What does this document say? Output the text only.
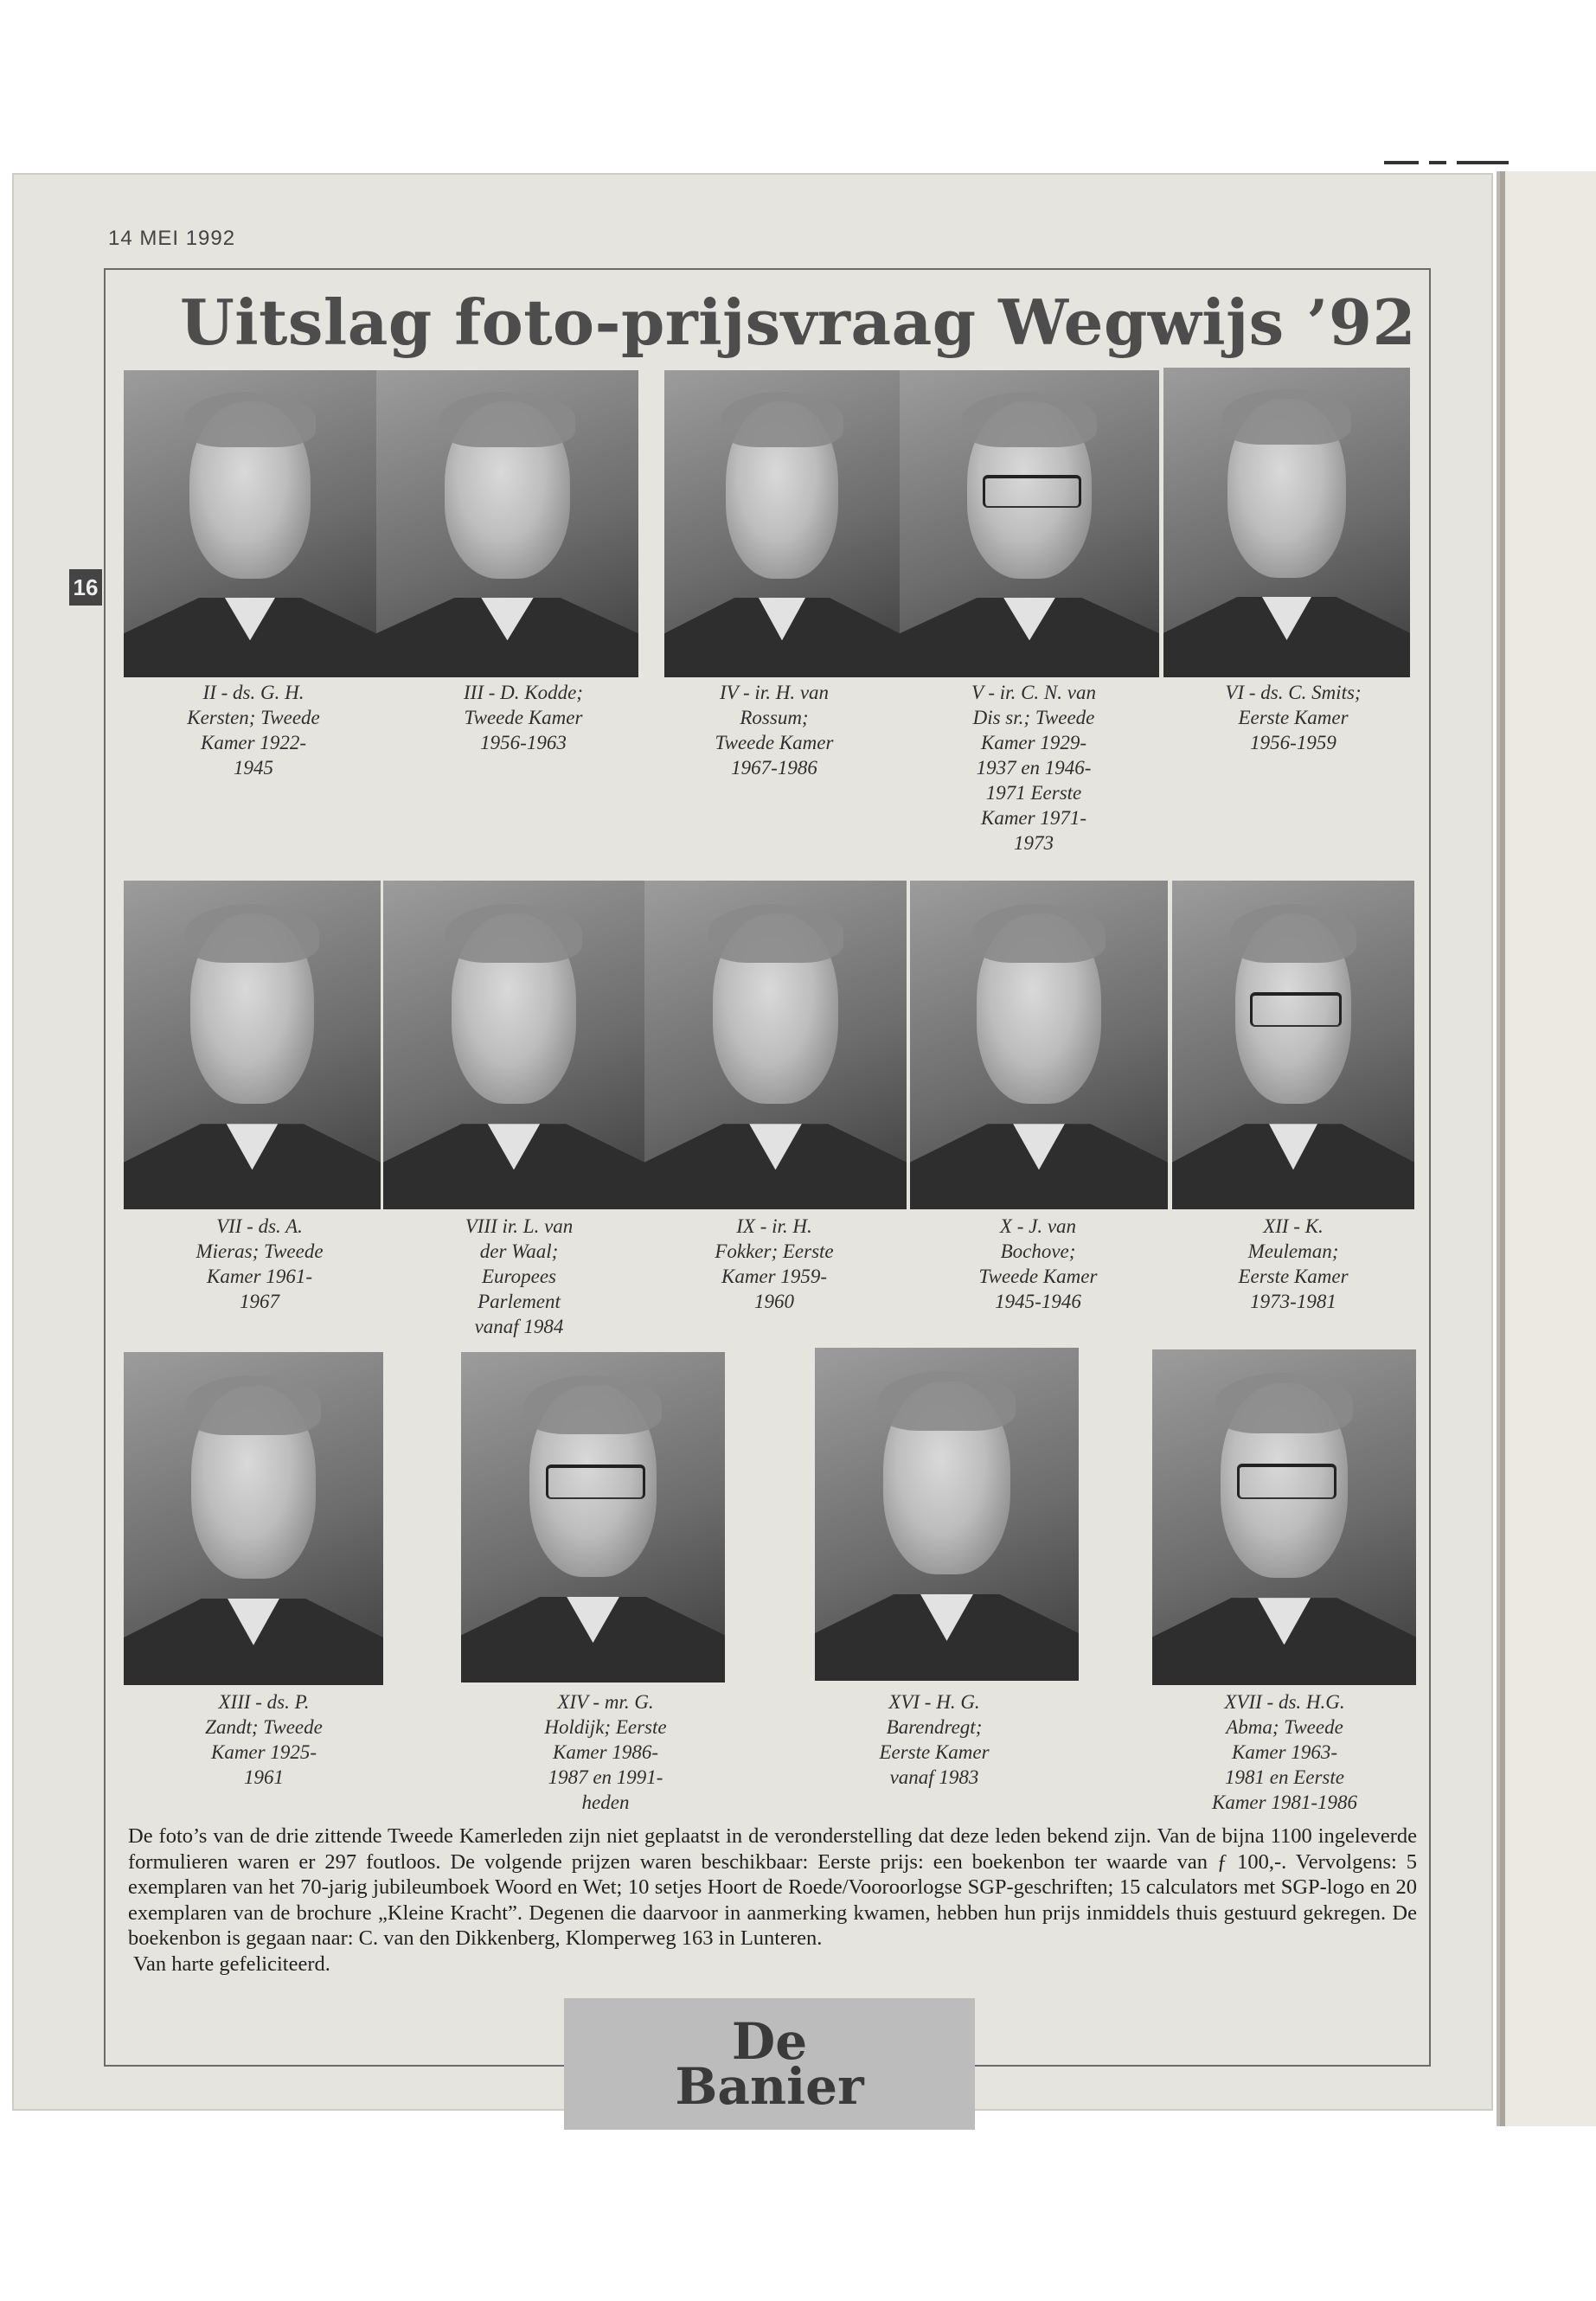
14 MEI 1992
16
Uitslag foto-prijsvraag Wegwijs ’92
II - ds. G. H.
Kersten; Tweede
Kamer 1922-
1945
III - D. Kodde;
Tweede Kamer
1956-1963
IV - ir. H. van
Rossum;
Tweede Kamer
1967-1986
V - ir. C. N. van
Dis sr.; Tweede
Kamer 1929-
1937 en 1946-
1971 Eerste
Kamer 1971-
1973
VI - ds. C. Smits;
Eerste Kamer
1956-1959
VII - ds. A.
Mieras; Tweede
Kamer 1961-
1967
VIII ir. L. van
der Waal;
Europees
Parlement
vanaf 1984
IX - ir. H.
Fokker; Eerste
Kamer 1959-
1960
X - J. van
Bochove;
Tweede Kamer
1945-1946
XII - K.
Meuleman;
Eerste Kamer
1973-1981
XIII - ds. P.
Zandt; Tweede
Kamer 1925-
1961
XIV - mr. G.
Holdijk; Eerste
Kamer 1986-
1987 en 1991-
heden
XVI - H. G.
Barendregt;
Eerste Kamer
vanaf 1983
XVII - ds. H.G.
Abma; Tweede
Kamer 1963-
1981 en Eerste
Kamer 1981-1986

De foto’s van de drie zittende Tweede Kamerleden zijn niet geplaatst in de veronderstelling dat deze leden bekend zijn. Van de bijna 1100 ingeleverde formulieren waren er 297 foutloos. De volgende prijzen waren beschikbaar: Eerste prijs: een boekenbon ter waarde van ƒ 100,-. Vervolgens: 5 exemplaren van het 70-jarig jubileumboek Woord en Wet; 10 setjes Hoort de Roede/Vooroorlogse SGP-geschriften; 15 calculators met SGP-logo en 20 exemplaren van de brochure „Kleine Kracht”. Degenen die daarvoor in aanmerking kwamen, hebben hun prijs inmiddels thuis gestuurd gekregen. De boekenbon is gegaan naar: C. van den Dikkenberg, Klomperweg 163 in Lunteren.

Van harte gefeliciteerd.

De
Banier
